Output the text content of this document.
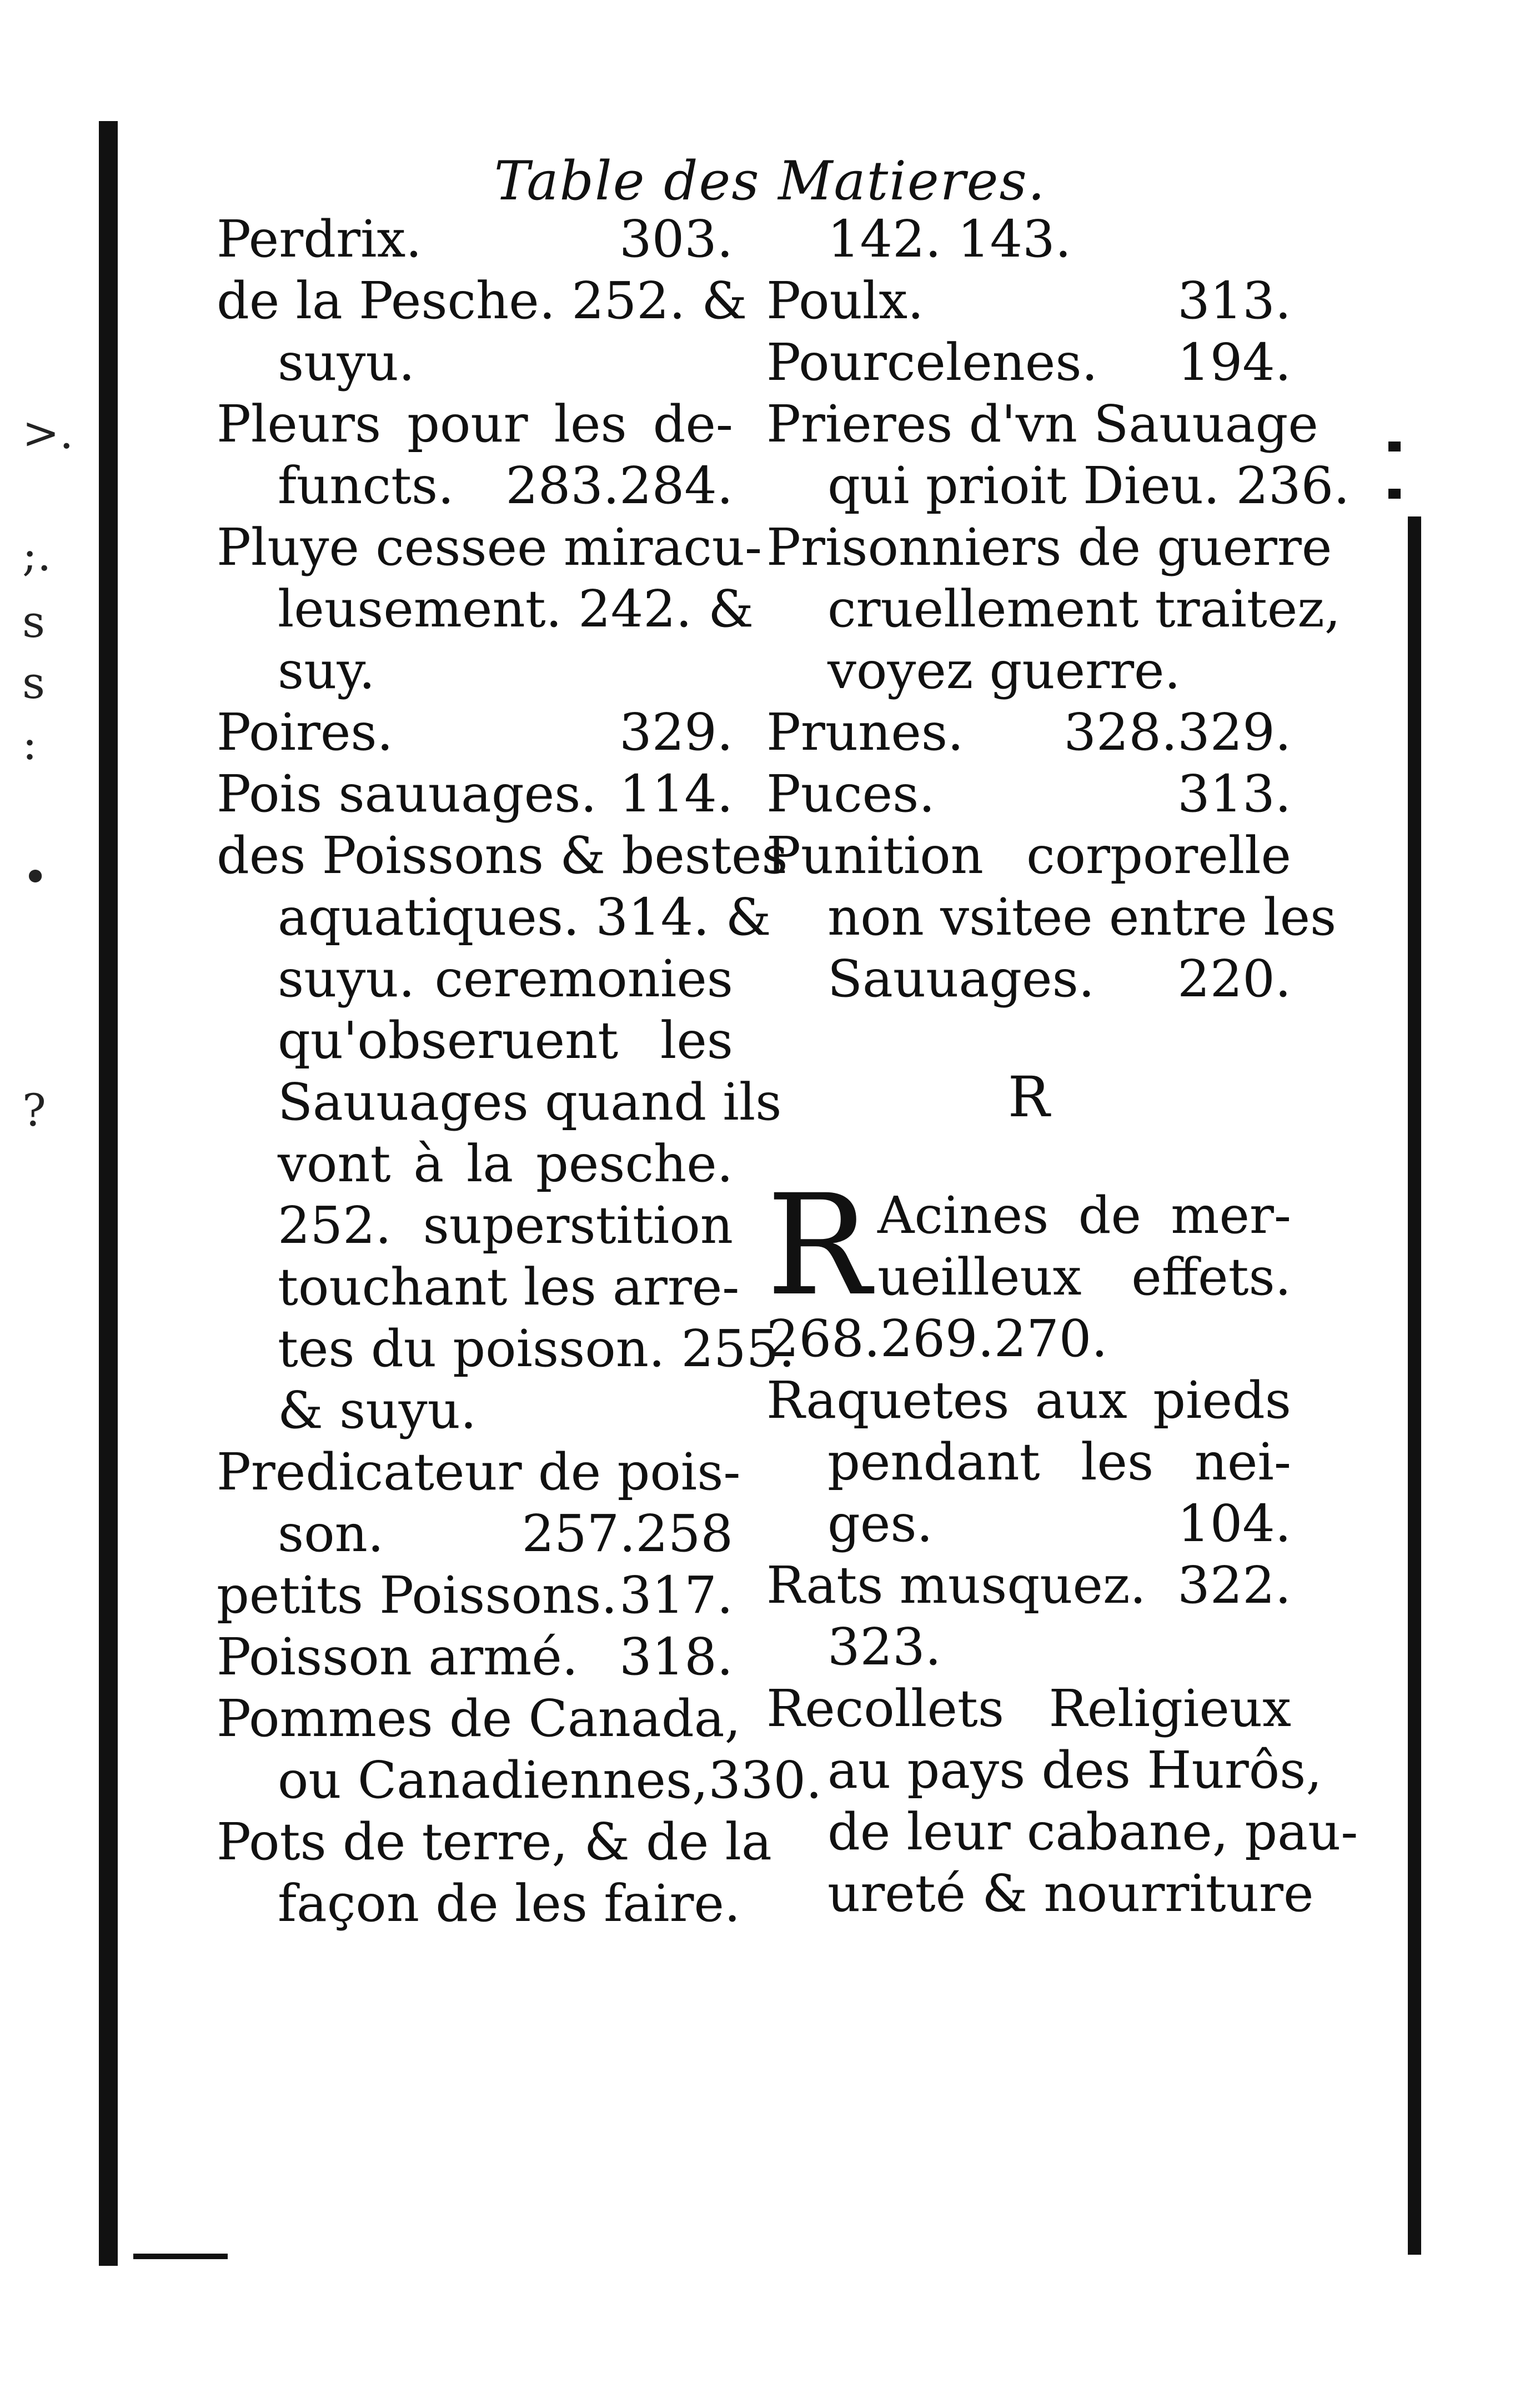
>.
;.
s
s
:
•
?
Table des Matieres.
Perdrix.	303.
de la Pesche. 252. &
suyu.
Pleurs pour les de-
functs. 283.284.
Pluye cessee miracu-
leusement. 242. &
suy.
Poires.	329.
Pois sauuages. 114.
des Poissons & bestes
aquatiques. 314. &
suyu. ceremonies
qu'obseruent les
Sauuages quand ils
vont à la pesche.
252. superstition
touchant les arre-
tes du poisson. 255.
& suyu.
Predicateur de pois-
son.	257.258
petits Poissons. 317.
Poisson armé. 318.
Pommes de Canada,
ou Canadiennes,330.
Pots de terre, & de la
façon de les faire.
142. 143.
Poulx.	313.
Pourcelenes. 194.
Prieres d'vn Sauuage
qui prioit Dieu. 236.
Prisonniers de guerre
cruellement traitez,
voyez guerre.
Prunes. 328.329.
Puces.	313.
Punition corporelle
non vsitee entre les
Sauuages. 220.
R
R Acines de mer-
ueilleux effets.
268.269.270.
Raquetes aux pieds
pendant les nei-
ges.	104.
Rats musquez. 322.
323.
Recollets Religieux
au pays des Hurôs,
de leur cabane, pau-
ureté & nourriture
